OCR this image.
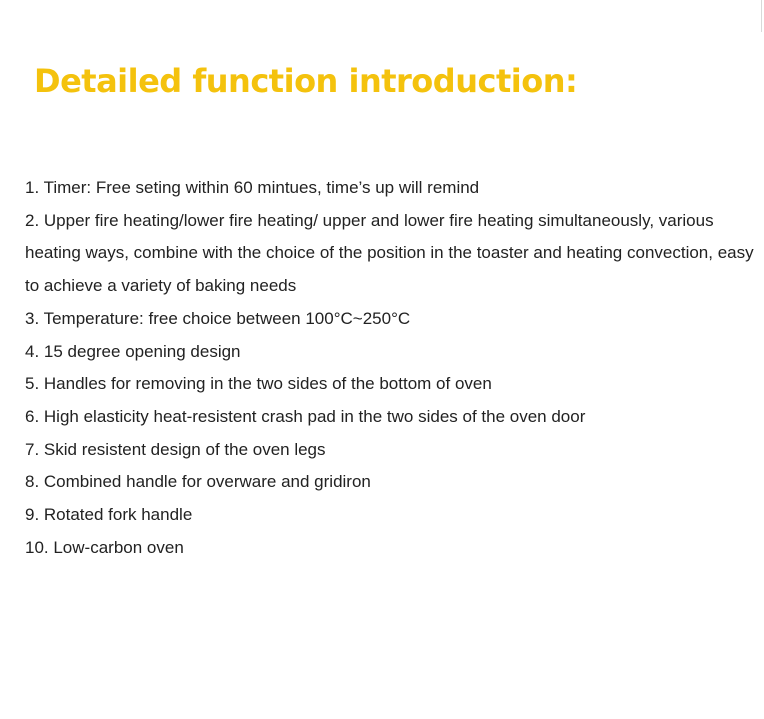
Detailed function introduction:
1. Timer: Free seting within 60 mintues, time’s up will remind
2. Upper fire heating/lower fire heating/ upper and lower fire heating simultaneously, various heating ways, combine with the choice of the position in the toaster and heating convection, easy to achieve a variety of baking needs
3. Temperature: free choice between 100°C~250°C
4. 15 degree opening design
5. Handles for removing in the two sides of the bottom of oven
6. High elasticity heat-resistent crash pad in the two sides of the oven door
7. Skid resistent design of the oven legs
8. Combined handle for overware and gridiron
9. Rotated fork handle
10. Low-carbon oven
